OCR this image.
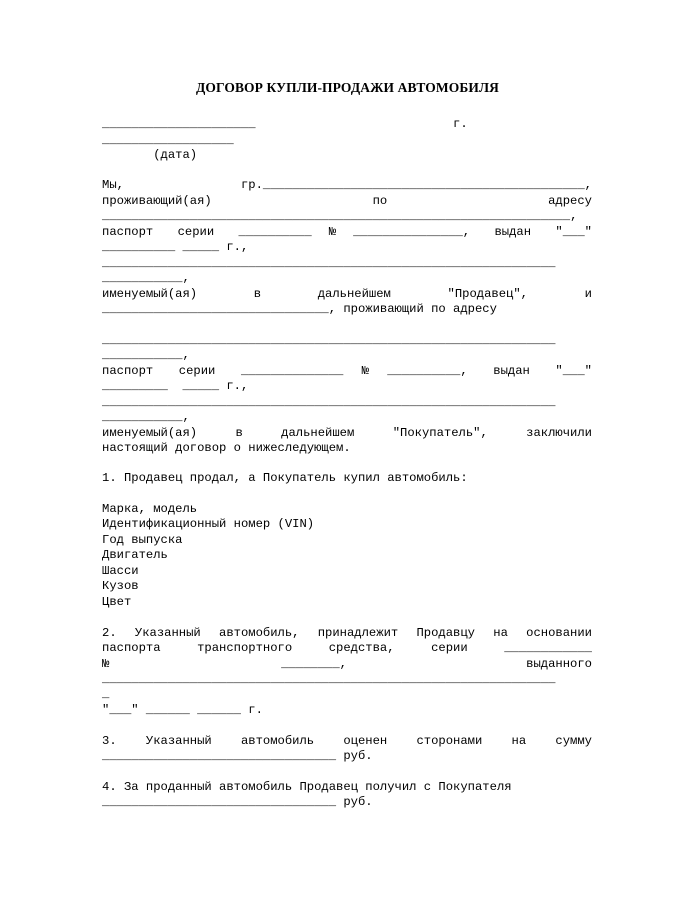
ДОГОВОР КУПЛИ-ПРОДАЖИ АВТОМОБИЛЯ
_____________________                           г.
__________________
(дата)
Мы, гр.____________________________________________,
проживающий(ая) по адресу
________________________________________________________________,
паспорт серии __________№_______________, выдан "___"
__________ _____ г.,
______________________________________________________________
___________,
именуемый(ая) в дальнейшем "Продавец", и
_______________________________, проживающий по адресу
______________________________________________________________
___________,
паспорт серии ______________№__________, выдан "___"
_________  _____ г.,
______________________________________________________________
___________,
именуемый(ая) в дальнейшем "Покупатель", заключили
настоящий договор о нижеследующем.
1. Продавец продал, а Покупатель купил автомобиль:
Марка, модель
Идентификационный номер (VIN)
Год выпуска
Двигатель
Шасси
Кузов
Цвет
2. Указанный автомобиль, принадлежит Продавцу на основании
паспорта транспортного средства, серии ____________
№________, выданного
______________________________________________________________
_
"___" ______ ______ г.
3. Указанный автомобиль оценен сторонами на сумму
________________________________ руб.
4. За проданный автомобиль Продавец получил с Покупателя
________________________________ руб.
